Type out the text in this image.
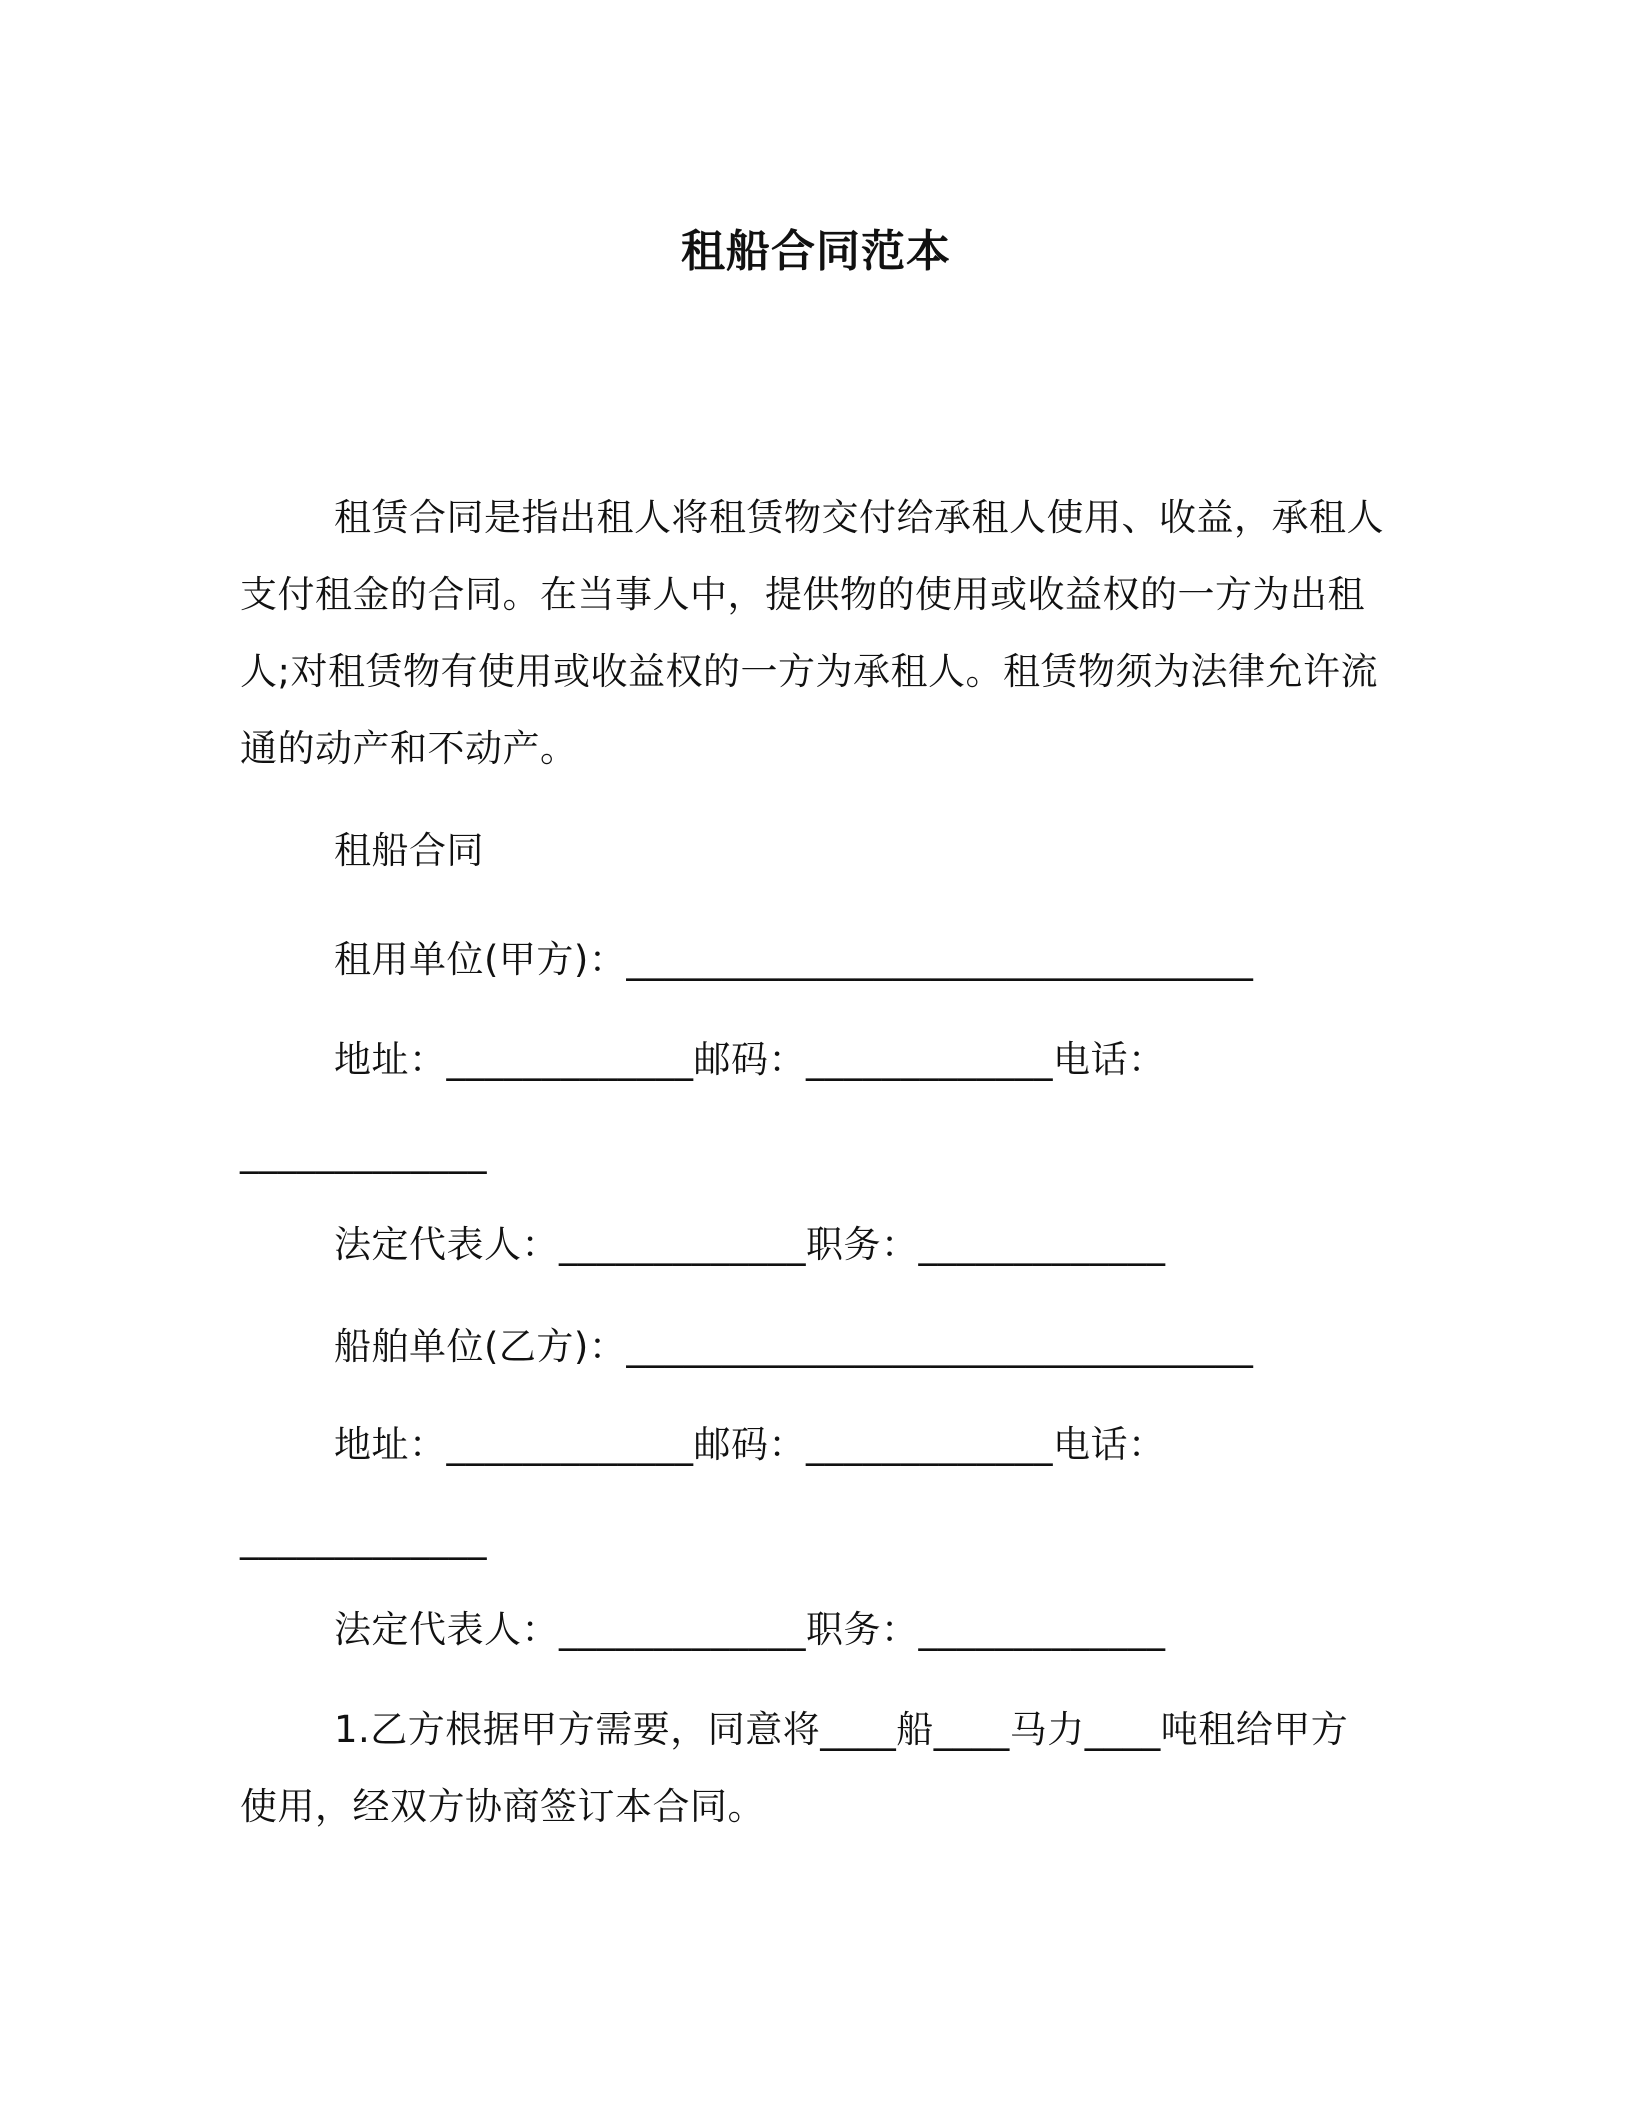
租船合同范本
租赁合同是指出租人将租赁物交付给承租人使用、收益，承租人
支付租金的合同。在当事人中，提供物的使用或收益权的一方为出租
人;对租赁物有使用或收益权的一方为承租人。租赁物须为法律允许流
通的动产和不动产。
租船合同
租用单位(甲方)：_________________________________
地址：_____________邮码：_____________电话：
_____________
法定代表人：_____________职务：_____________
船舶单位(乙方)：_________________________________
地址：_____________邮码：_____________电话：
_____________
法定代表人：_____________职务：_____________
1.乙方根据甲方需要，同意将____船____马力____吨租给甲方
使用，经双方协商签订本合同。
